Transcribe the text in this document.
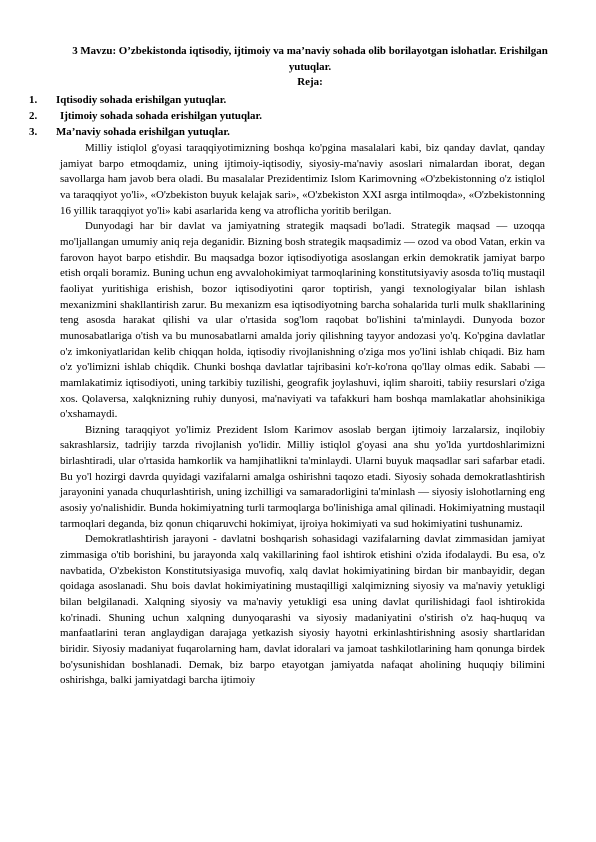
3 Mavzu: O’zbekistonda iqtisodiy, ijtimoiy va ma’naviy sohada olib borilayotgan islohatlar. Erishilgan yutuqlar.
Reja:
1.	Iqtisodiy sohada erishilgan yutuqlar.
2.	Ijtimoiy sohada sohada erishilgan yutuqlar.
3.	Ma’naviy sohada erishilgan yutuqlar.

Milliy istiqlol g'oyasi taraqqiyotimizning boshqa ko'pgina masalalari kabi, biz qanday davlat, qanday jamiyat barpo etmoqdamiz, uning ijtimoiy-iqtisodiy, siyosiy-ma'naviy asoslari nimalardan iborat, degan savollarga ham javob bera oladi. Bu masalalar Prezidentimiz Islom Karimovning «O'zbekistonning o'z istiqlol va taraqqiyot yo'li», «O'zbekiston buyuk kelajak sari», «O'zbekiston XXI asrga intilmoqda», «O'zbekistonning 16 yillik taraqqiyot yo'li» kabi asarlarida keng va atroflicha yoritib berilgan.

Dunyodagi har bir davlat va jamiyatning strategik maqsadi bo'ladi. Strategik maqsad — uzoqqa mo'ljallangan umumiy aniq reja deganidir. Bizning bosh strategik maqsadimiz — ozod va obod Vatan, erkin va farovon hayot barpo etishdir. Bu maqsadga bozor iqtisodiyotiga asoslangan erkin demokratik jamiyat barpo etish orqali boramiz. Buning uchun eng avvalohokimiyat tarmoqlarining konstitutsiyaviy asosda to'liq mustaqil faoliyat yuritishiga erishish, bozor iqtisodiyotini qaror toptirish, yangi texnologiyalar bilan ishlash mexanizmini shakllantirish zarur. Bu mexanizm esa iqtisodiyotning barcha sohalarida turli mulk shakllarining teng asosda harakat qilishi va ular o'rtasida sog'lom raqobat bo'lishini ta'minlaydi. Dunyoda bozor munosabatlariga o'tish va bu munosabatlarni amalda joriy qilishning tayyor andozasi yo'q. Ko'pgina davlatlar o'z imkoniyatlaridan kelib chiqqan holda, iqtisodiy rivojlanishning o'ziga mos yo'lini ishlab chiqadi. Biz ham o'z yo'limizni ishlab chiqdik. Chunki boshqa davlatlar tajribasini ko'r-ko'rona qo'llay olmas edik. Sababi — mamlakatimiz iqtisodiyoti, uning tarkibiy tuzilishi, geografik joylashuvi, iqlim sharoiti, tabiiy resurslari o'ziga xos. Qolaversa, xalqknizning ruhiy dunyosi, ma'naviyati va tafakkuri ham boshqa mamlakatlar ahohsinikiga o'xshamaydi.

Bizning taraqqiyot yo'limiz Prezident Islom Karimov asoslab bergan ijtimoiy larzalarsiz, inqilobiy sakrashlarsiz, tadrijiy tarzda rivojlanish yo'lidir. Milliy istiqlol g'oyasi ana shu yo'lda yurtdoshlarimizni birlashtiradi, ular o'rtasida hamkorlik va hamjihatlikni ta'minlaydi. Ularni buyuk maqsadlar sari safarbar etadi. Bu yo'l hozirgi davrda quyidagi vazifalarni amalga oshirishni taqozo etadi. Siyosiy sohada demokratlashtirish jarayonini yanada chuqurlashtirish, uning izchilligi va samaradorligini ta'minlash — siyosiy islohotlarning eng asosiy yo'nalishidir. Bunda hokimiyatning turli tarmoqlarga bo'linishiga amal qilinadi. Hokimiyatning mustaqil tarmoqlari deganda, biz qonun chiqaruvchi hokimiyat, ijroiya hokimiyati va sud hokimiyatini tushunamiz.

Demokratlashtirish jarayoni - davlatni boshqarish sohasidagi vazifalarning davlat zimmasidan jamiyat zimmasiga o'tib borishini, bu jarayonda xalq vakillarining faol ishtirok etishini o'zida ifodalaydi. Bu esa, o'z navbatida, O'zbekiston Konstitutsiyasiga muvofiq, xalq davlat hokimiyatining birdan bir manbayidir, degan qoidaga asoslanadi. Shu bois davlat hokimiyatining mustaqilligi xalqimizning siyosiy va ma'naviy yetukligi bilan belgilanadi. Xalqning siyosiy va ma'naviy yetukligi esa uning davlat qurilishidagi faol ishtirokida ko'rinadi. Shuning uchun xalqning dunyoqarashi va siyosiy madaniyatini o'stirish o'z haq-huquq va manfaatlarini teran anglaydigan darajaga yetkazish siyosiy hayotni erkinlashtirishning asosiy shartlaridan biridir. Siyosiy madaniyat fuqarolarning ham, davlat idoralari va jamoat tashkilotlarining ham qonunga birdek bo'ysunishidan boshlanadi. Demak, biz barpo etayotgan jamiyatda nafaqat aholining huquqiy bilimini oshirishga, balki jamiyatdagi barcha ijtimoiy
